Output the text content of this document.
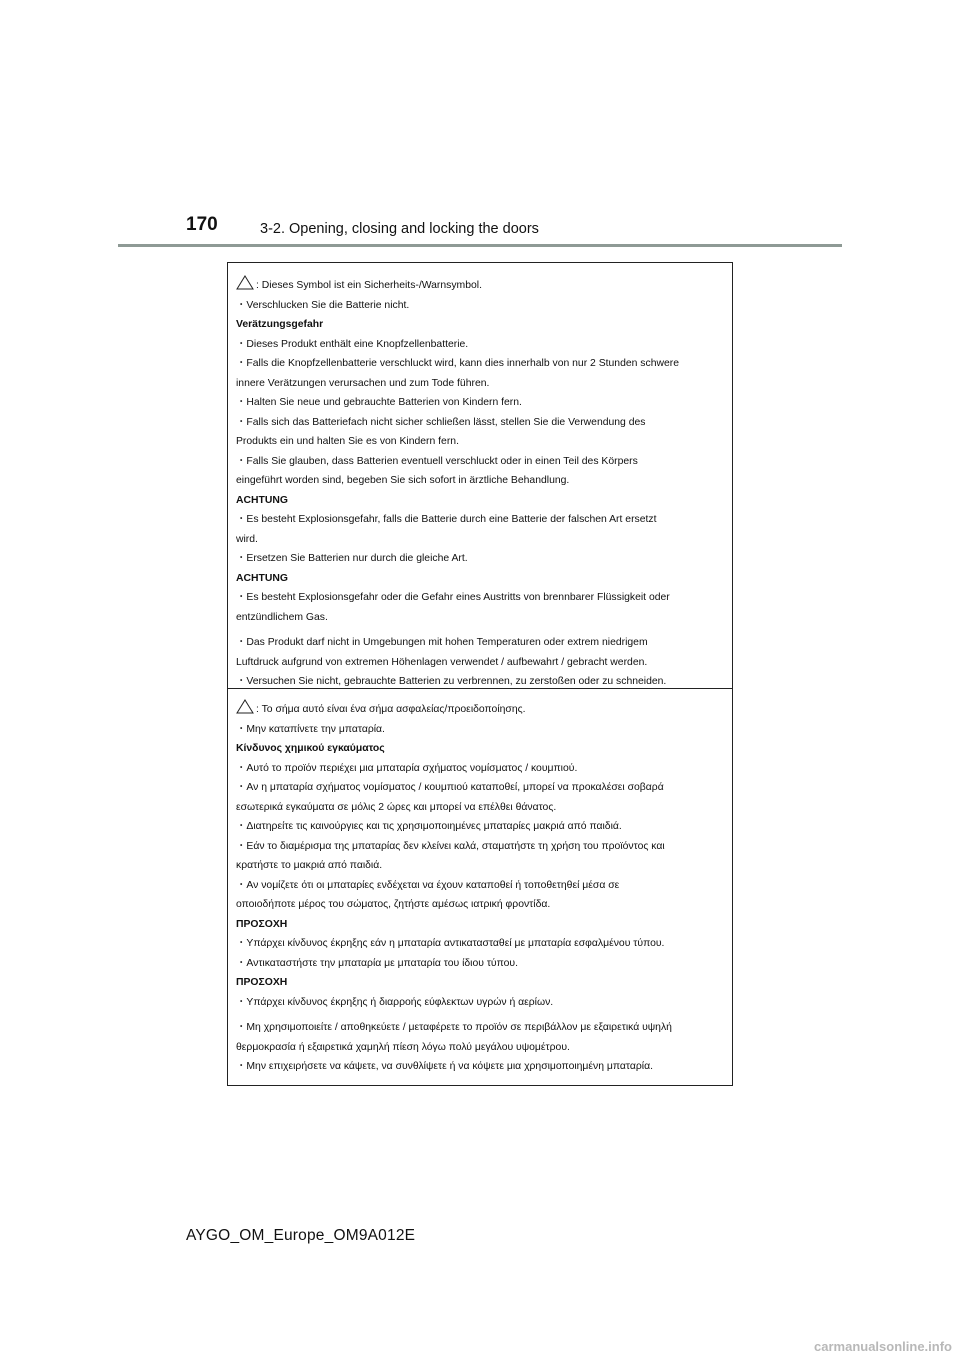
170	3-2. Opening, closing and locking the doors
: Dieses Symbol ist ein Sicherheits-/Warnsymbol.
・Verschlucken Sie die Batterie nicht.
Verätzungsgefahr
・Dieses Produkt enthält eine Knopfzellenbatterie.
・Falls die Knopfzellenbatterie verschluckt wird, kann dies innerhalb von nur 2 Stunden schwere
innere Verätzungen verursachen und zum Tode führen.
・Halten Sie neue und gebrauchte Batterien von Kindern fern.
・Falls sich das Batteriefach nicht sicher schließen lässt, stellen Sie die Verwendung des
Produkts ein und halten Sie es von Kindern fern.
・Falls Sie glauben, dass Batterien eventuell verschluckt oder in einen Teil des Körpers
eingeführt worden sind, begeben Sie sich sofort in ärztliche Behandlung.
ACHTUNG
・Es besteht Explosionsgefahr, falls die Batterie durch eine Batterie der falschen Art ersetzt
wird.
・Ersetzen Sie Batterien nur durch die gleiche Art.
ACHTUNG
・Es besteht Explosionsgefahr oder die Gefahr eines Austritts von brennbarer Flüssigkeit oder
entzündlichem Gas.
・Das Produkt darf nicht in Umgebungen mit hohen Temperaturen oder extrem niedrigem
Luftdruck aufgrund von extremen Höhenlagen verwendet / aufbewahrt / gebracht werden.
・Versuchen Sie nicht, gebrauchte Batterien zu verbrennen, zu zerstoßen oder zu schneiden.
: Το σήμα αυτό είναι ένα σήμα ασφαλείας/προειδοποίησης.
・Μην καταπίνετε την μπαταρία.
Κίνδυνος χημικού εγκαύματος
・Αυτό το προϊόν περιέχει μια μπαταρία σχήματος νομίσματος / κουμπιού.
・Αν η μπαταρία σχήματος νομίσματος / κουμπιού καταποθεί, μπορεί να προκαλέσει σοβαρά
εσωτερικά εγκαύματα σε μόλις 2 ώρες και μπορεί να επέλθει θάνατος.
・Διατηρείτε τις καινούργιες και τις χρησιμοποιημένες μπαταρίες μακριά από παιδιά.
・Εάν το διαμέρισμα της μπαταρίας δεν κλείνει καλά, σταματήστε τη χρήση του προϊόντος και
κρατήστε το μακριά από παιδιά.
・Αν νομίζετε ότι οι μπαταρίες ενδέχεται να έχουν καταποθεί ή τοποθετηθεί μέσα σε
οποιοδήποτε μέρος του σώματος, ζητήστε αμέσως ιατρική φροντίδα.
ΠΡΟΣΟΧΗ
・Υπάρχει κίνδυνος έκρηξης εάν η μπαταρία αντικατασταθεί με μπαταρία εσφαλμένου τύπου.
・Αντικαταστήστε την μπαταρία με μπαταρία του ίδιου τύπου.
ΠΡΟΣΟΧΗ
・Υπάρχει κίνδυνος έκρηξης ή διαρροής εύφλεκτων υγρών ή αερίων.
・Μη χρησιμοποιείτε / αποθηκεύετε / μεταφέρετε το προϊόν σε περιβάλλον με εξαιρετικά υψηλή
θερμοκρασία ή εξαιρετικά χαμηλή πίεση λόγω πολύ μεγάλου υψομέτρου.
・Μην επιχειρήσετε να κάψετε, να συνθλίψετε ή να κόψετε μια χρησιμοποιημένη μπαταρία.
AYGO_OM_Europe_OM9A012E
carmanualsonline.info
